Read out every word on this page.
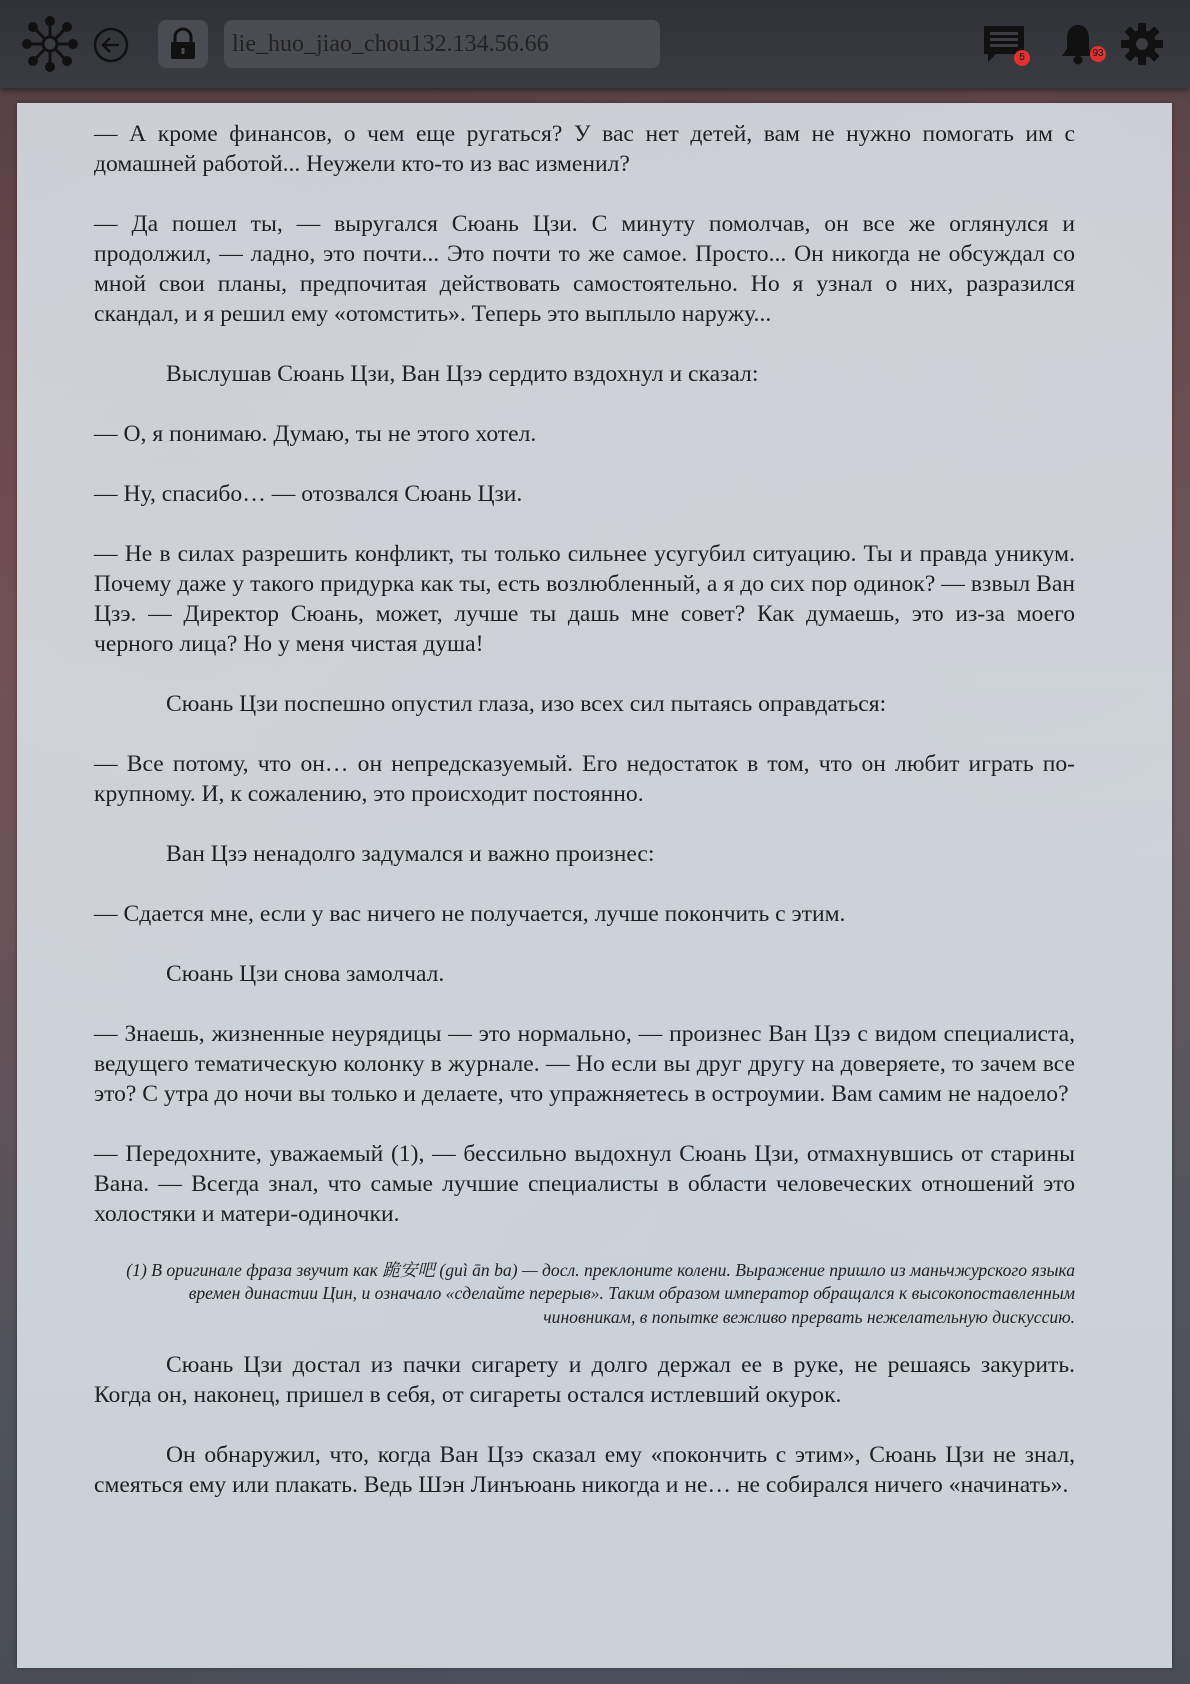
lie_huo_jiao_chou132.134.56.66
5	93

— А кроме финансов, о чем еще ругаться? У вас нет детей, вам не нужно помогать им с домашней работой... Неужели кто-то из вас изменил?

— Да пошел ты, — выругался Сюань Цзи. С минуту помолчав, он все же оглянулся и продолжил, — ладно, это почти... Это почти то же самое. Просто... Он никогда не обсуждал со мной свои планы, предпочитая действовать самостоятельно. Но я узнал о них, разразился скандал, и я решил ему «отомстить». Теперь это выплыло наружу...

Выслушав Сюань Цзи, Ван Цзэ сердито вздохнул и сказал:

— О, я понимаю. Думаю, ты не этого хотел.

— Ну, спасибо… — отозвался Сюань Цзи.

— Не в силах разрешить конфликт, ты только сильнее усугубил ситуацию. Ты и правда уникум. Почему даже у такого придурка как ты, есть возлюбленный, а я до сих пор одинок? — взвыл Ван Цзэ. — Директор Сюань, может, лучше ты дашь мне совет? Как думаешь, это из-за моего черного лица? Но у меня чистая душа!

Сюань Цзи поспешно опустил глаза, изо всех сил пытаясь оправдаться:

— Все потому, что он… он непредсказуемый. Его недостаток в том, что он любит играть по-крупному. И, к сожалению, это происходит постоянно.

Ван Цзэ ненадолго задумался и важно произнес:

— Сдается мне, если у вас ничего не получается, лучше покончить с этим.

Сюань Цзи снова замолчал.

— Знаешь, жизненные неурядицы — это нормально, — произнес Ван Цзэ с видом специалиста, ведущего тематическую колонку в журнале. — Но если вы друг другу на доверяете, то зачем все это? С утра до ночи вы только и делаете, что упражняетесь в остроумии. Вам самим не надоело?

— Передохните, уважаемый (1), — бессильно выдохнул Сюань Цзи, отмахнувшись от старины Вана. — Всегда знал, что самые лучшие специалисты в области человеческих отношений это холостяки и матери-одиночки.

(1) В оригинале фраза звучит как 跪安吧 (guì ān ba) — досл. преклоните колени. Выражение пришло из маньчжурского языка времен династии Цин, и означало «сделайте перерыв». Таким образом император обращался к высокопоставленным чиновникам, в попытке вежливо прервать нежелательную дискуссию.

Сюань Цзи достал из пачки сигарету и долго держал ее в руке, не решаясь закурить. Когда он, наконец, пришел в себя, от сигареты остался истлевший окурок.

Он обнаружил, что, когда Ван Цзэ сказал ему «покончить с этим», Сюань Цзи не знал, смеяться ему или плакать. Ведь Шэн Линъюань никогда и не… не собирался ничего «начинать».
